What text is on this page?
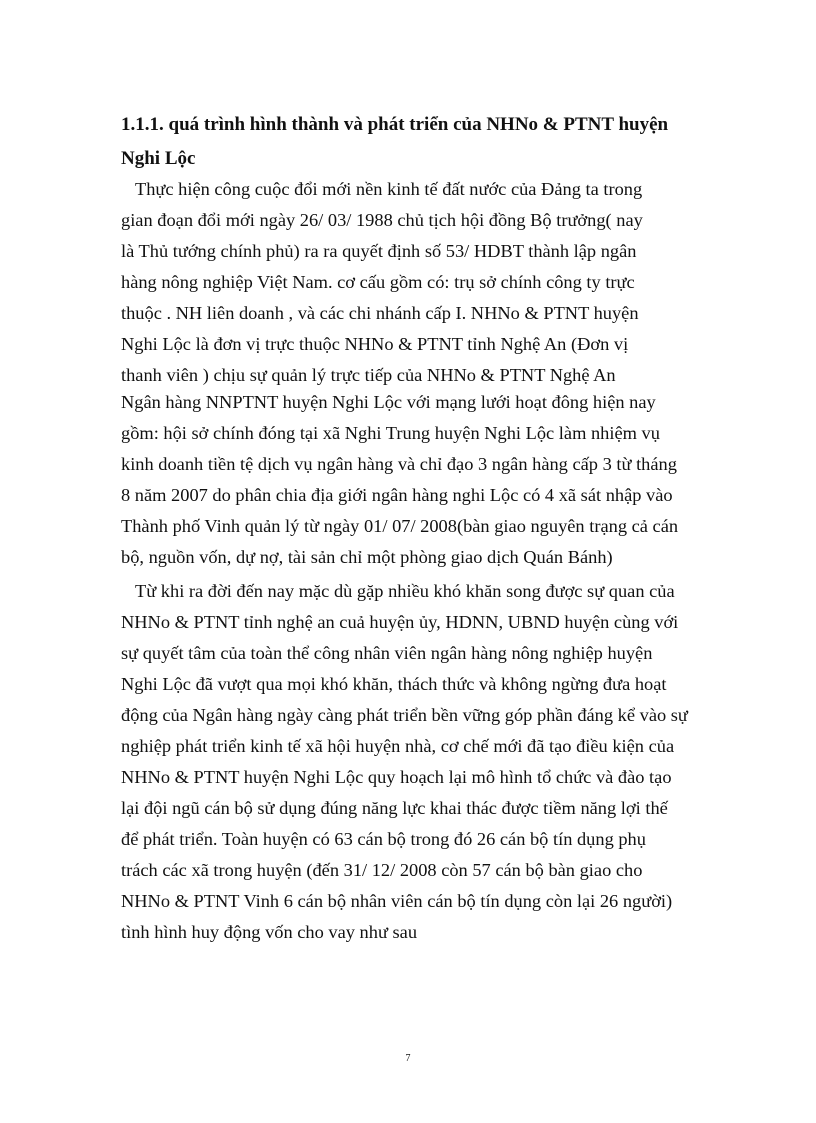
1.1.1. quá trình hình thành và phát triển của NHNo & PTNT huyện
Nghi Lộc

Thực hiện công cuộc đổi mới nền kinh tế đất nước của Đảng ta trong
gian đoạn đổi mới ngày 26/ 03/ 1988 chủ tịch hội đồng Bộ trưởng( nay
là Thủ tướng chính phủ) ra ra quyết định số 53/ HDBT thành lập ngân
hàng nông nghiệp Việt Nam. cơ cấu gồm có: trụ sở chính công ty trực
thuộc . NH liên doanh , và các chi nhánh cấp I. NHNo & PTNT huyện
Nghi Lộc là đơn vị trực thuộc NHNo & PTNT tỉnh Nghệ An (Đơn vị
thanh viên ) chịu sự quản lý trực tiếp của NHNo & PTNT Nghệ An

Ngân hàng NNPTNT huyện Nghi Lộc với mạng lưới hoạt đông hiện nay
gồm: hội sở chính đóng tại xã Nghi Trung huyện Nghi Lộc làm nhiệm vụ
kinh doanh tiền tệ dịch vụ ngân hàng và chỉ đạo 3 ngân hàng cấp 3 từ tháng
8 năm 2007 do phân chia địa giới ngân hàng nghi Lộc có 4 xã sát nhập vào
Thành phố Vinh quản lý từ ngày 01/ 07/ 2008(bàn giao nguyên trạng cả cán
bộ, nguồn vốn, dự nợ, tài sản chỉ một phòng giao dịch Quán Bánh)

Từ khi ra đời đến nay mặc dù gặp nhiều khó khăn song được sự quan của
NHNo & PTNT tỉnh nghệ an cuả huyện ủy, HDNN, UBND huyện cùng với
sự quyết tâm của toàn thể công nhân viên ngân hàng nông nghiệp huyện
Nghi Lộc đã vượt qua mọi khó khăn, thách thức và không ngừng đưa hoạt
động của Ngân hàng ngày càng phát triển bền vững góp phần đáng kể vào sự
nghiệp phát triển kinh tế xã hội huyện nhà, cơ chế mới đã tạo điều kiện của
NHNo & PTNT huyện Nghi Lộc quy hoạch lại mô hình tổ chức và đào tạo
lại đội ngũ cán bộ sử dụng đúng năng lực khai thác được tiềm năng lợi thế
để phát triển. Toàn huyện có 63 cán bộ trong đó 26 cán bộ tín dụng phụ
trách các xã trong huyện (đến 31/ 12/ 2008 còn 57 cán bộ bàn giao cho
NHNo & PTNT Vinh 6 cán bộ nhân viên cán bộ tín dụng còn lại 26 người)
tình hình huy động vốn cho vay như sau

7
